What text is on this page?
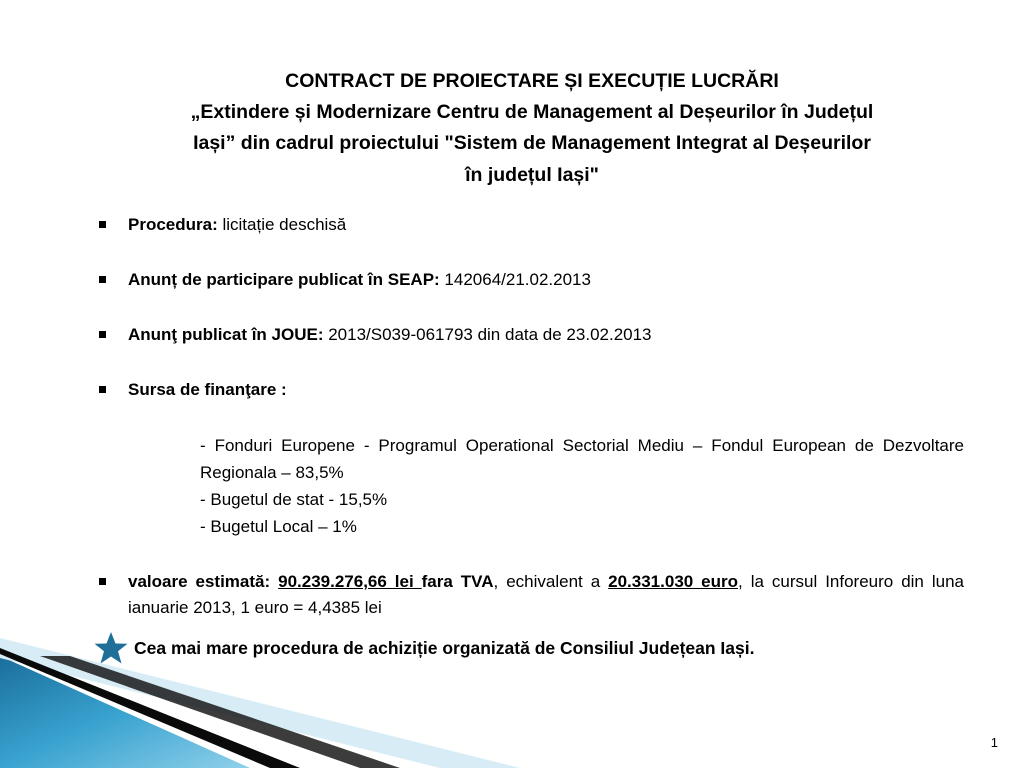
CONTRACT DE PROIECTARE ȘI EXECUȚIE LUCRĂRI
„Extindere și Modernizare Centru de Management al Deșeurilor în Județul
Iași” din cadrul proiectului "Sistem de Management Integrat al Deșeurilor
în județul Iași"
Procedura: licitație deschisă
Anunț de participare publicat în SEAP: 142064/21.02.2013
Anunţ publicat în JOUE: 2013/S039-061793 din data de 23.02.2013
Sursa de finanţare :
- Fonduri Europene - Programul Operational Sectorial Mediu – Fondul European de Dezvoltare Regionala – 83,5%
- Bugetul de stat - 15,5%
- Bugetul Local – 1%
valoare estimată: 90.239.276,66 lei fara TVA, echivalent a 20.331.030 euro, la cursul Inforeuro din luna ianuarie 2013, 1 euro = 4,4385 lei
Cea mai mare procedura de achiziție organizată de Consiliul Județean Iași.
1
